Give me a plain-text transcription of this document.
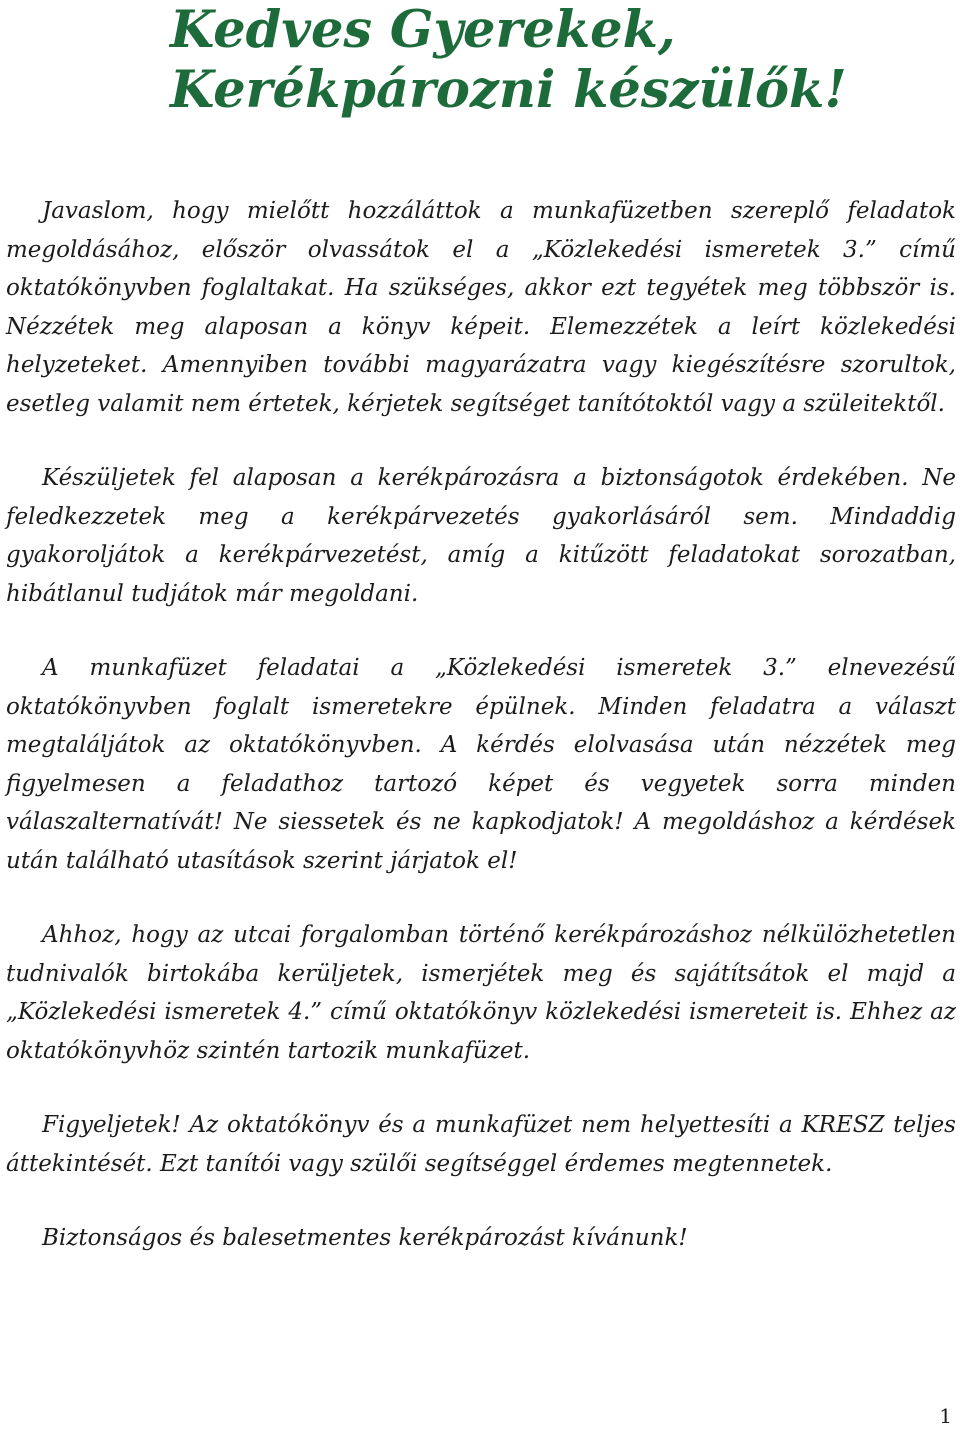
Kedves Gyerekek,
Kerékpározni készülők!

Javaslom, hogy mielőtt hozzáláttok a munkafüzetben szereplő feladatok megoldásához, először olvassátok el a „Közlekedési ismeretek 3.” című oktatókönyvben foglaltakat. Ha szükséges, akkor ezt tegyétek meg többször is. Nézzétek meg alaposan a könyv képeit. Elemezzétek a leírt közlekedési helyzeteket. Amennyiben további magyarázatra vagy kiegészítésre szorultok, esetleg valamit nem értetek, kérjetek segítséget tanítótoktól vagy a szüleitektől.

Készüljetek fel alaposan a kerékpározásra a biztonságotok érdekében. Ne feledkezzetek meg a kerékpárvezetés gyakorlásáról sem. Mindaddig gyakoroljátok a kerékpárvezetést, amíg a kitűzött feladatokat sorozatban, hibátlanul tudjátok már megoldani.

A munkafüzet feladatai a „Közlekedési ismeretek 3.” elnevezésű oktatókönyvben foglalt ismeretekre épülnek. Minden feladatra a választ megtaláljátok az oktatókönyvben. A kérdés elolvasása után nézzétek meg figyelmesen a feladathoz tartozó képet és vegyetek sorra minden válaszalternatívát! Ne siessetek és ne kapkodjatok! A megoldáshoz a kérdések után található utasítások szerint járjatok el!

Ahhoz, hogy az utcai forgalomban történő kerékpározáshoz nélkülözhetetlen tudnivalók birtokába kerüljetek, ismerjétek meg és sajátítsátok el majd a „Közlekedési ismeretek 4.” című oktatókönyv közlekedési ismereteit is. Ehhez az oktatókönyvhöz szintén tartozik munkafüzet.

Figyeljetek! Az oktatókönyv és a munkafüzet nem helyettesíti a KRESZ teljes áttekintését. Ezt tanítói vagy szülői segítséggel érdemes megtennetek.

Biztonságos és balesetmentes kerékpározást kívánunk!

1
